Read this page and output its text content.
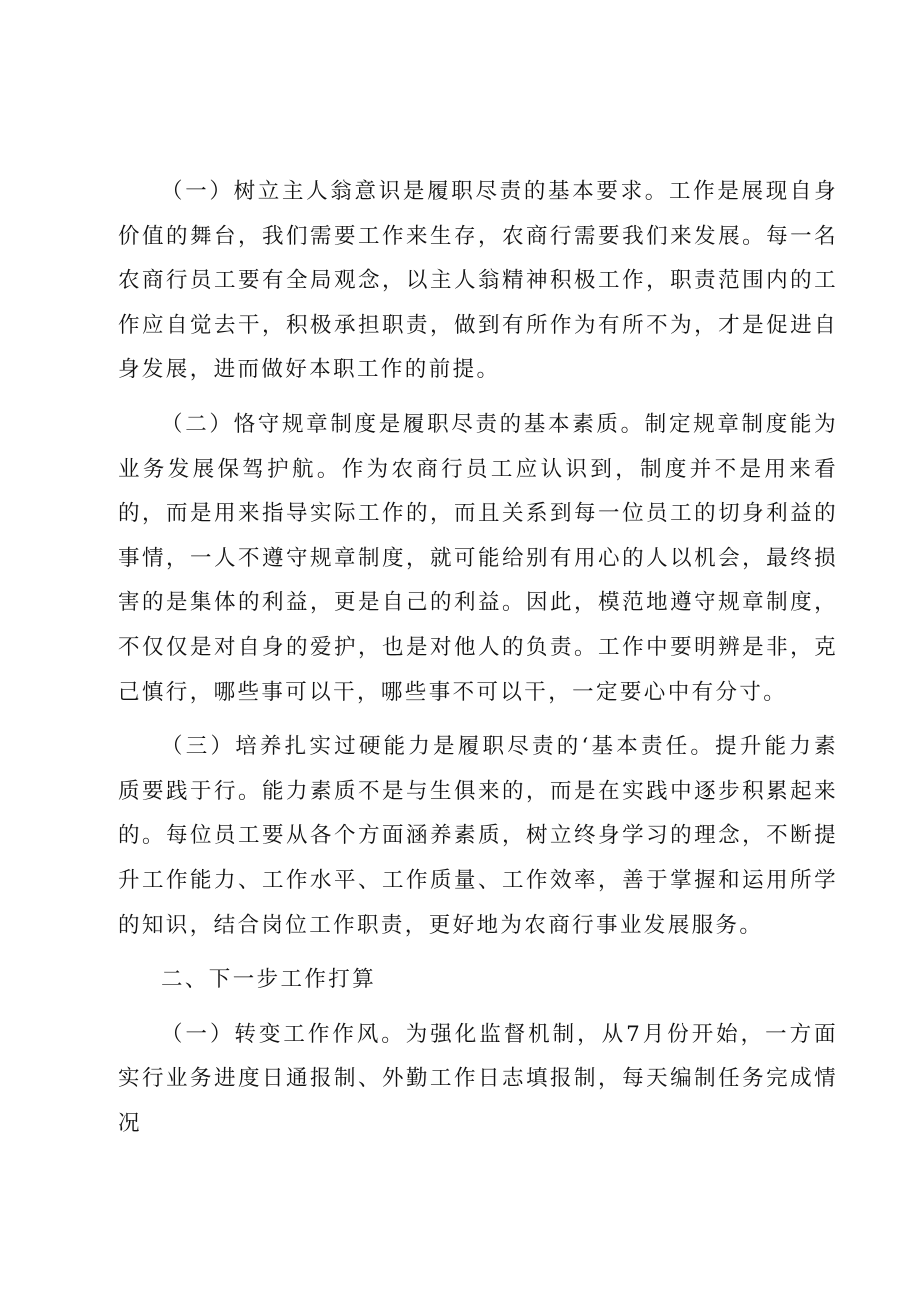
（一）树立主人翁意识是履职尽责的基本要求。工作是展现自身价值的舞台，我们需要工作来生存，农商行需要我们来发展。每一名农商行员工要有全局观念，以主人翁精神积极工作，职责范围内的工作应自觉去干，积极承担职责，做到有所作为有所不为，才是促进自身发展，进而做好本职工作的前提。

（二）恪守规章制度是履职尽责的基本素质。制定规章制度能为业务发展保驾护航。作为农商行员工应认识到，制度并不是用来看的，而是用来指导实际工作的，而且关系到每一位员工的切身利益的事情，一人不遵守规章制度，就可能给别有用心的人以机会，最终损害的是集体的利益，更是自己的利益。因此，模范地遵守规章制度，不仅仅是对自身的爱护，也是对他人的负责。工作中要明辨是非，克己慎行，哪些事可以干，哪些事不可以干，一定要心中有分寸。

（三）培养扎实过硬能力是履职尽责的‘基本责任。提升能力素质要践于行。能力素质不是与生俱来的，而是在实践中逐步积累起来的。每位员工要从各个方面涵养素质，树立终身学习的理念，不断提升工作能力、工作水平、工作质量、工作效率，善于掌握和运用所学的知识，结合岗位工作职责，更好地为农商行事业发展服务。

二、下一步工作打算

（一）转变工作作风。为强化监督机制，从7月份开始，一方面实行业务进度日通报制、外勤工作日志填报制，每天编制任务完成情况
